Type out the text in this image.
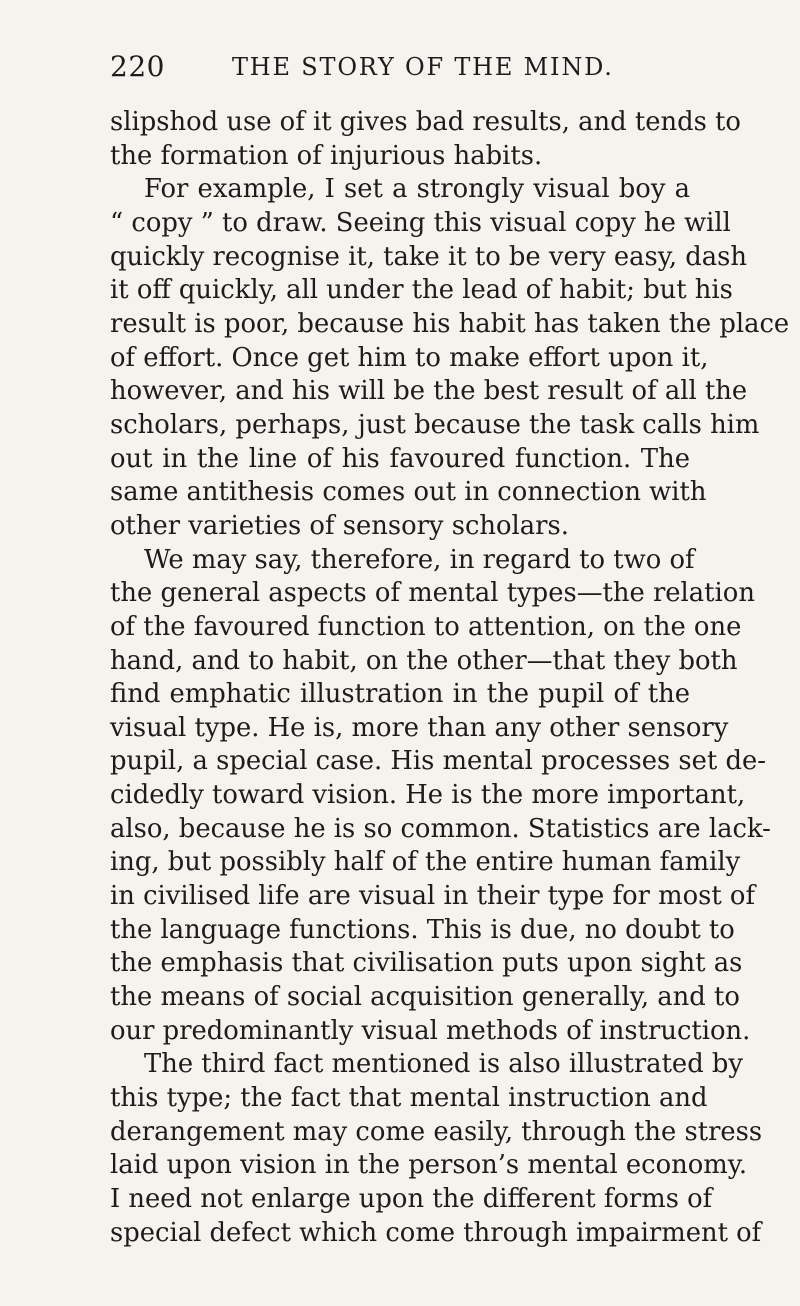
220	THE STORY OF THE MIND.
slipshod use of it gives bad results, and tends to
the formation of injurious habits.
For example, I set a strongly visual boy a
“ copy ” to draw. Seeing this visual copy he will
quickly recognise it, take it to be very easy, dash
it off quickly, all under the lead of habit; but his
result is poor, because his habit has taken the place
of effort. Once get him to make effort upon it,
however, and his will be the best result of all the
scholars, perhaps, just because the task calls him
out in the line of his favoured function. The
same antithesis comes out in connection with
other varieties of sensory scholars.
We may say, therefore, in regard to two of
the general aspects of mental types—the relation
of the favoured function to attention, on the one
hand, and to habit, on the other—that they both
find emphatic illustration in the pupil of the
visual type. He is, more than any other sensory
pupil, a special case. His mental processes set de-
cidedly toward vision. He is the more important,
also, because he is so common. Statistics are lack-
ing, but possibly half of the entire human family
in civilised life are visual in their type for most of
the language functions. This is due, no doubt to
the emphasis that civilisation puts upon sight as
the means of social acquisition generally, and to
our predominantly visual methods of instruction.
The third fact mentioned is also illustrated by
this type; the fact that mental instruction and
derangement may come easily, through the stress
laid upon vision in the person’s mental economy.
I need not enlarge upon the different forms of
special defect which come through impairment of
